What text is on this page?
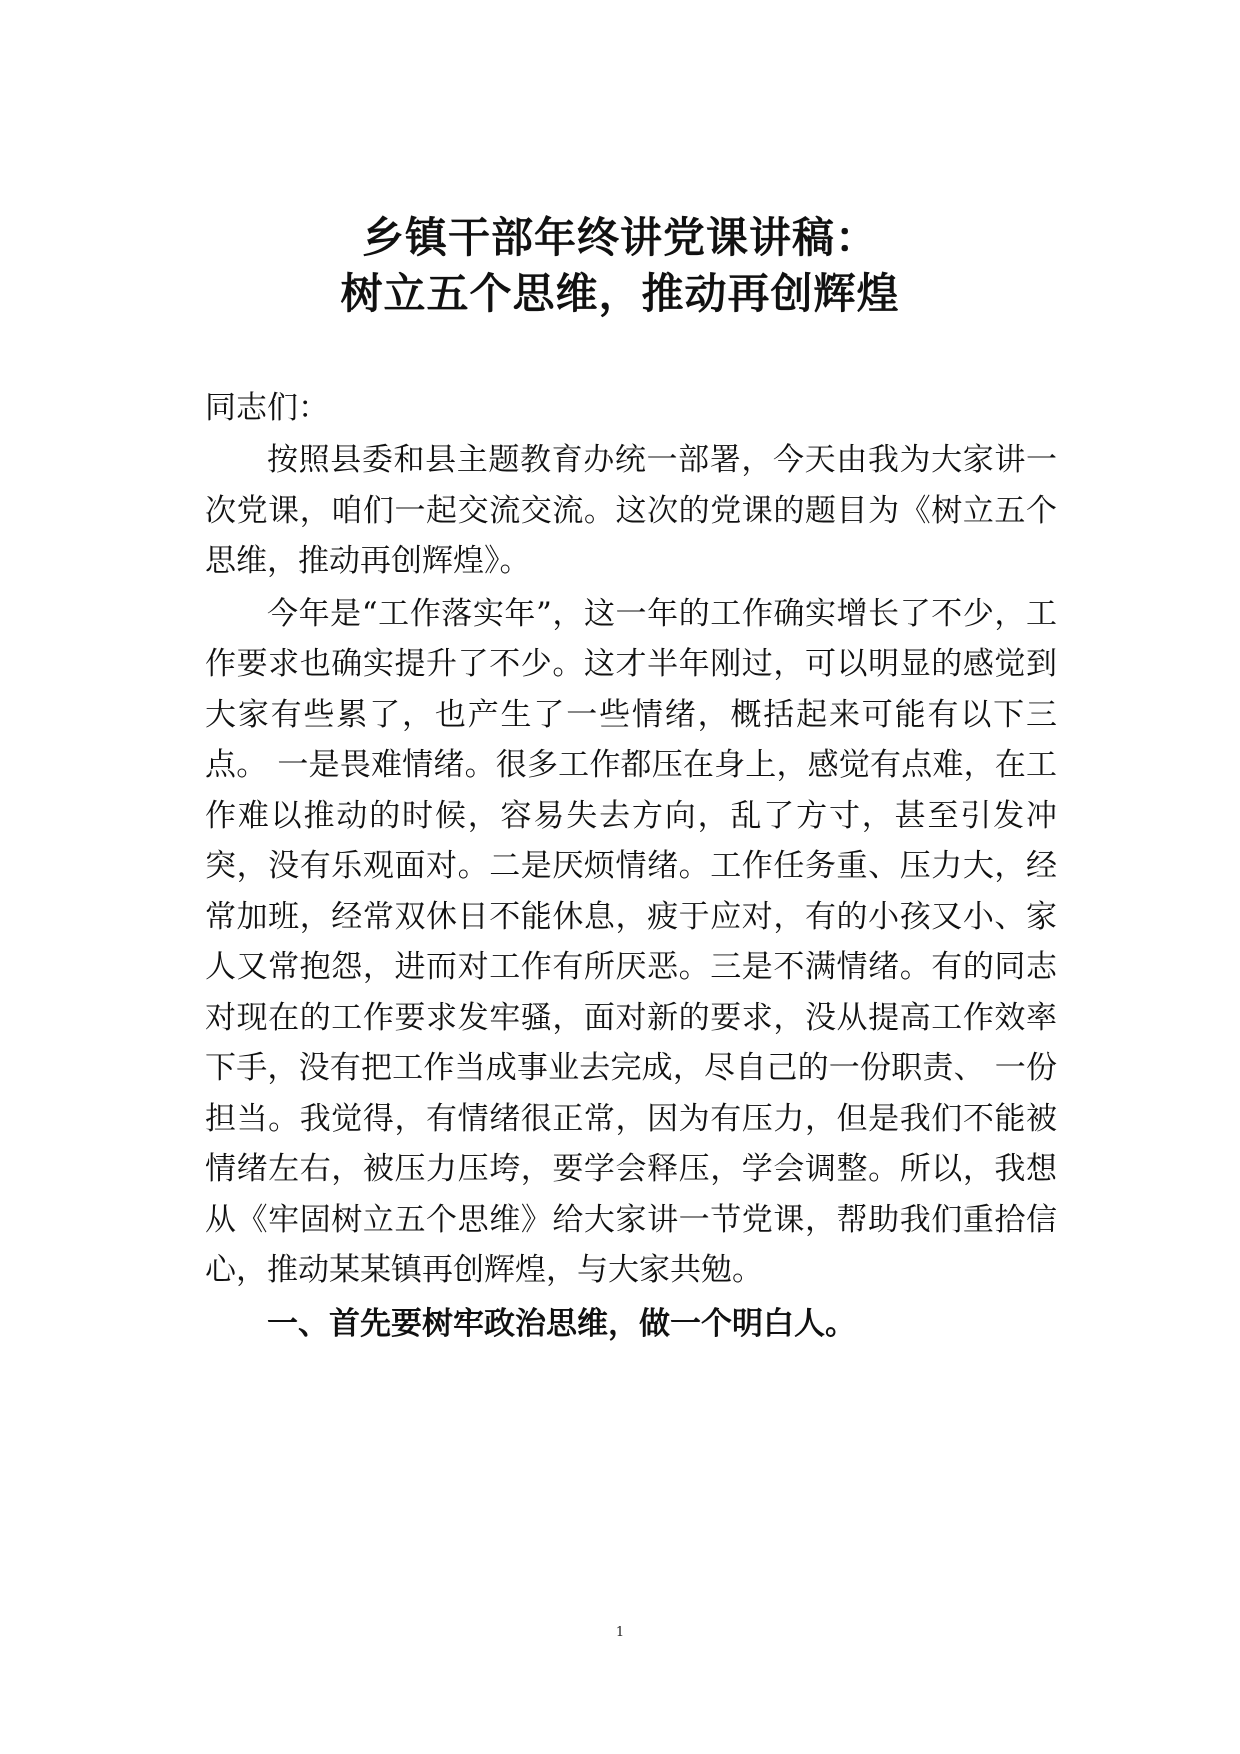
乡镇干部年终讲党课讲稿：
树立五个思维，推动再创辉煌

同志们：

按照县委和县主题教育办统一部署，今天由我为大家讲一次党课，咱们一起交流交流。这次的党课的题目为《树立五个思维，推动再创辉煌》。

今年是“工作落实年”，这一年的工作确实增长了不少，工作要求也确实提升了不少。这才半年刚过，可以明显的感觉到大家有些累了，也产生了一些情绪，概括起来可能有以下三点。 一是畏难情绪。很多工作都压在身上，感觉有点难，在工作难以推动的时候，容易失去方向，乱了方寸，甚至引发冲突，没有乐观面对。二是厌烦情绪。工作任务重、压力大，经常加班，经常双休日不能休息，疲于应对，有的小孩又小、家人又常抱怨，进而对工作有所厌恶。三是不满情绪。有的同志对现在的工作要求发牢骚，面对新的要求，没从提高工作效率下手，没有把工作当成事业去完成，尽自己的一份职责、 一份担当。我觉得，有情绪很正常，因为有压力，但是我们不能被情绪左右，被压力压垮，要学会释压，学会调整。所以，我想从《牢固树立五个思维》给大家讲一节党课，帮助我们重拾信心，推动某某镇再创辉煌，与大家共勉。

一、首先要树牢政治思维，做一个明白人。

1
